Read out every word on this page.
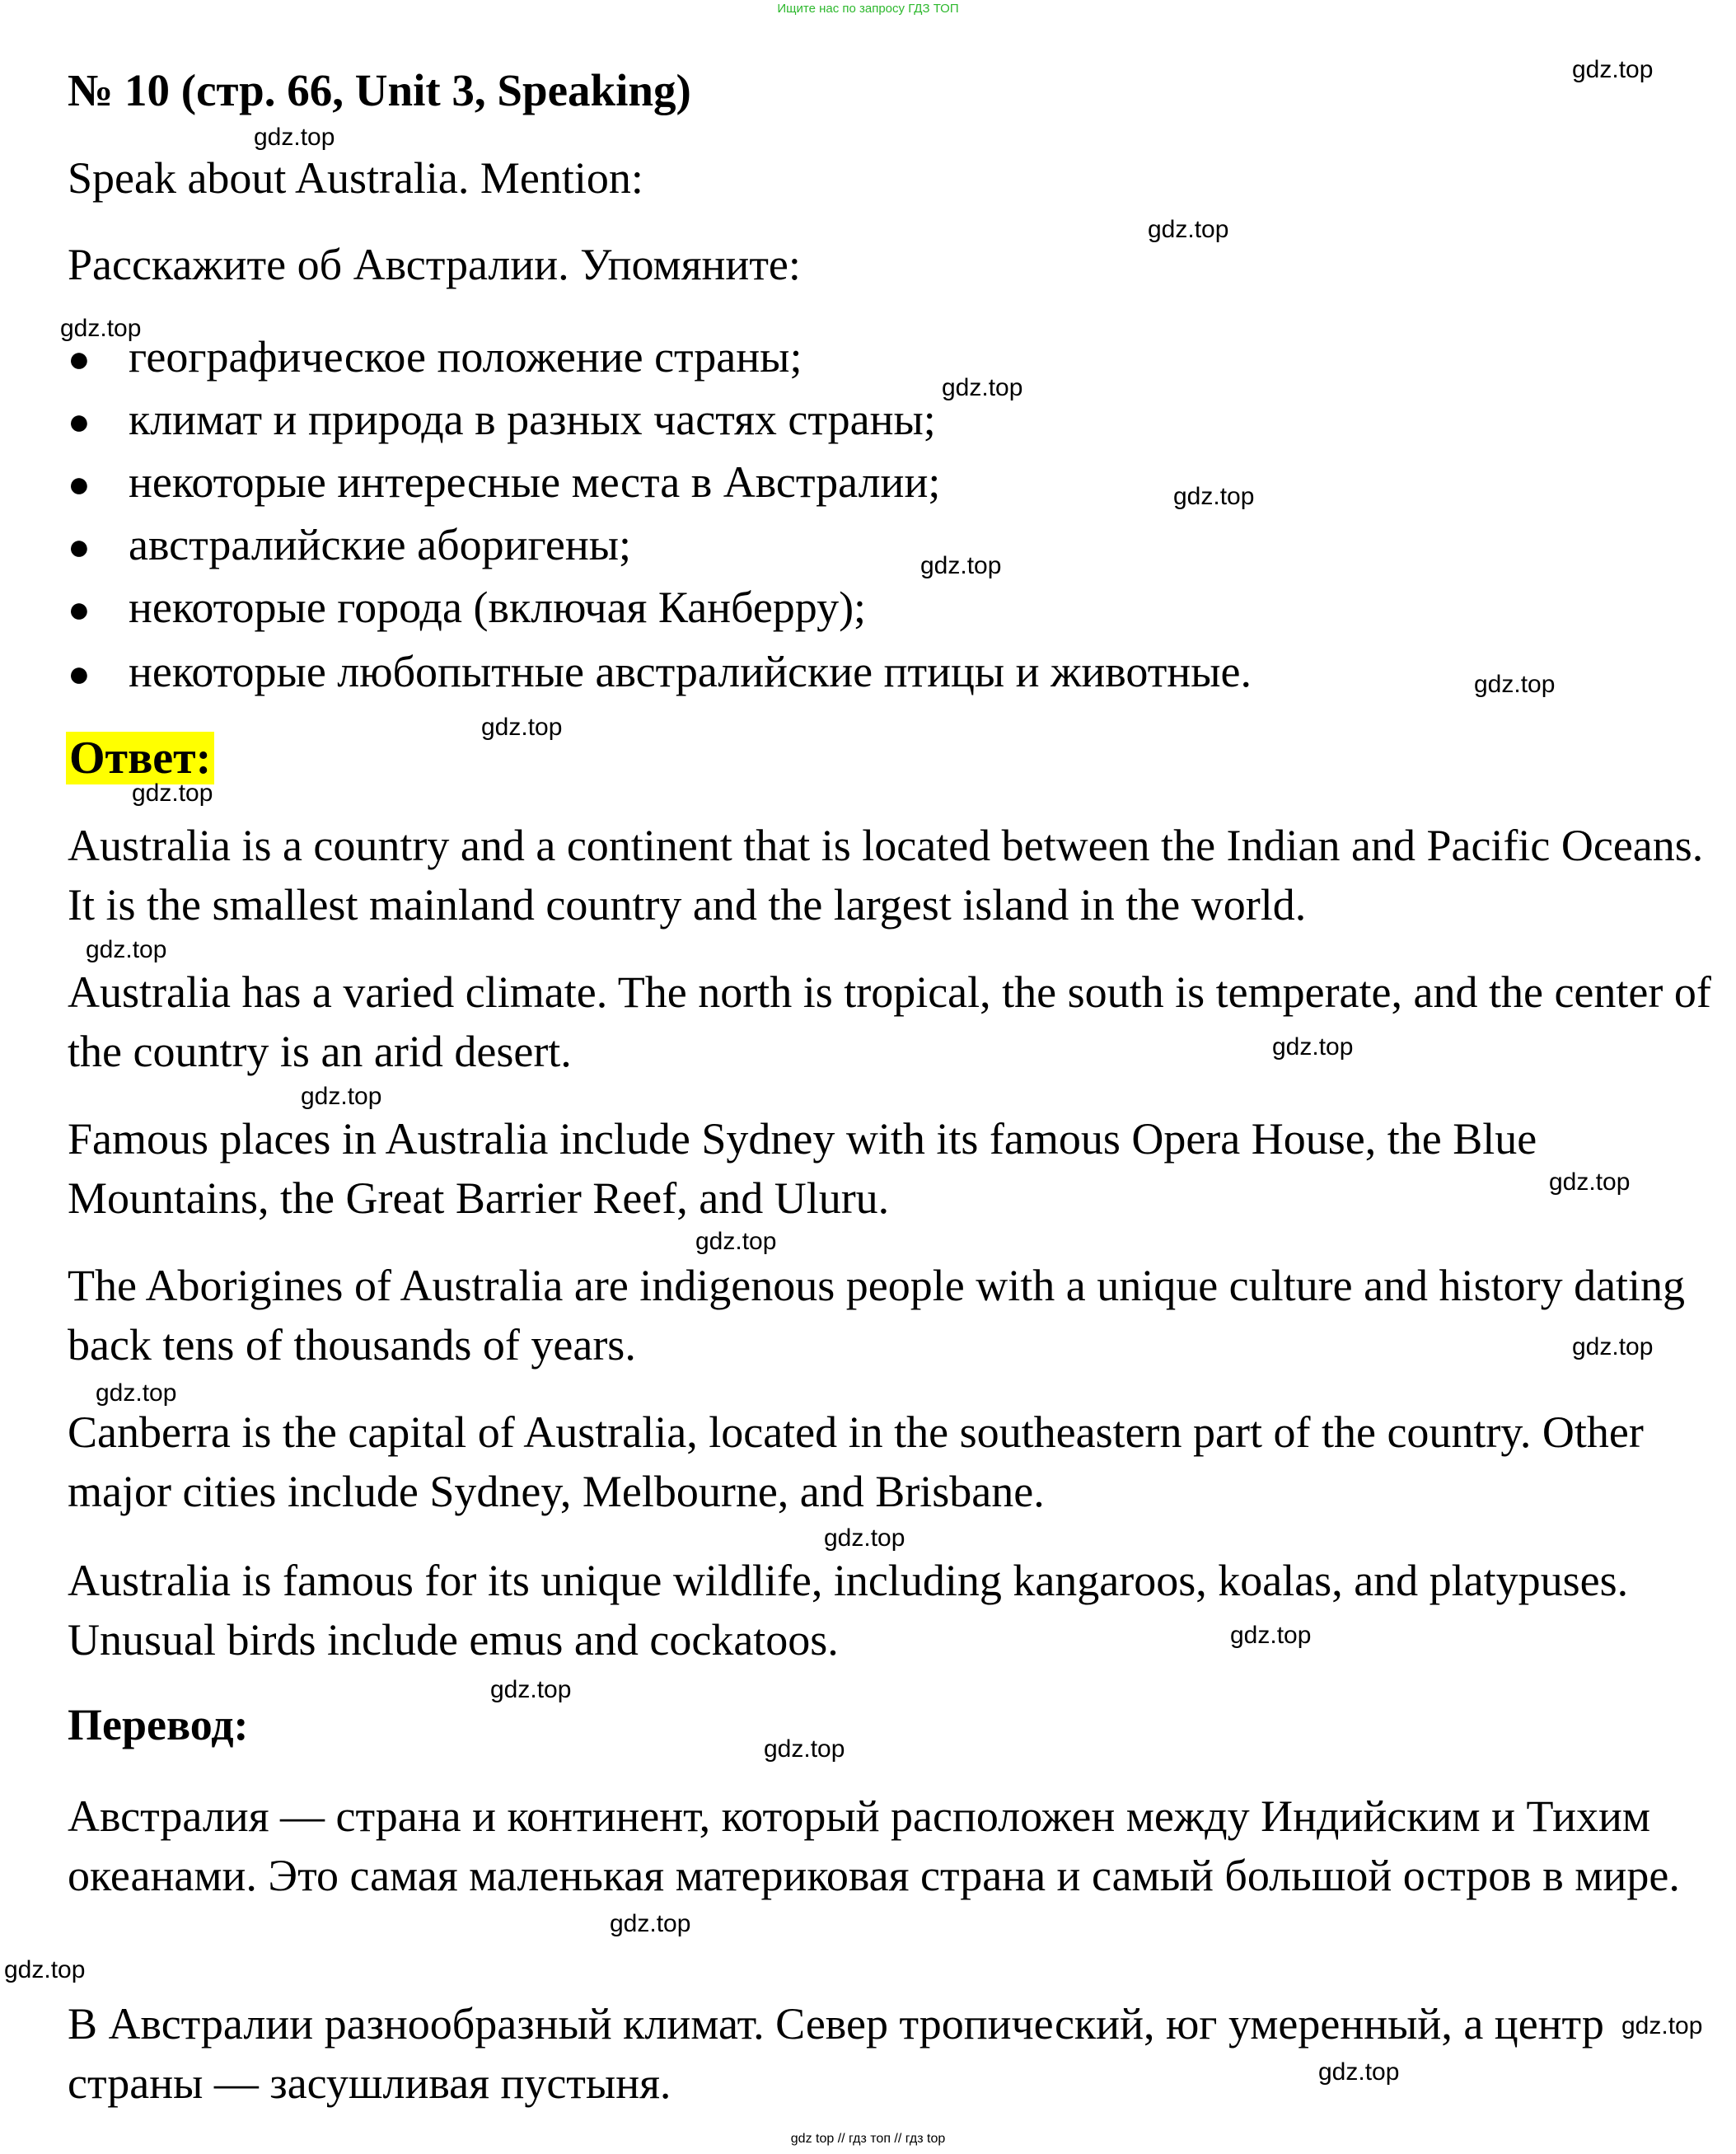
Ищите нас по запросу ГДЗ ТОП
№ 10 (стр. 66, Unit 3, Speaking)
Speak about Australia. Mention:
Расскажите об Австралии. Упомяните:
● географическое положение страны;
● климат и природа в разных частях страны;
● некоторые интересные места в Австралии;
● австралийские аборигены;
● некоторые города (включая Канберру);
● некоторые любопытные австралийские птицы и животные.
Ответ:
Australia is a country and a continent that is located between the Indian and Pacific Oceans. It is the smallest mainland country and the largest island in the world.
Australia has a varied climate. The north is tropical, the south is temperate, and the center of the country is an arid desert.
Famous places in Australia include Sydney with its famous Opera House, the Blue Mountains, the Great Barrier Reef, and Uluru.
The Aborigines of Australia are indigenous people with a unique culture and history dating back tens of thousands of years.
Canberra is the capital of Australia, located in the southeastern part of the country. Other major cities include Sydney, Melbourne, and Brisbane.
Australia is famous for its unique wildlife, including kangaroos, koalas, and platypuses. Unusual birds include emus and cockatoos.
Перевод:
Австралия — страна и континент, который расположен между Индийским и Тихим океанами. Это самая маленькая материковая страна и самый большой остров в мире.
В Австралии разнообразный климат. Север тропический, юг умеренный, а центр страны — засушливая пустыня.
gdz.top
gdz.top
gdz.top
gdz.top
gdz.top
gdz.top
gdz.top
gdz.top
gdz.top
gdz.top
gdz.top
gdz.top
gdz.top
gdz.top
gdz.top
gdz.top
gdz.top
gdz.top
gdz.top
gdz.top
gdz.top
gdz.top
gdz.top
gdz.top
gdz.top
gdz top // гдз топ // гдз top
